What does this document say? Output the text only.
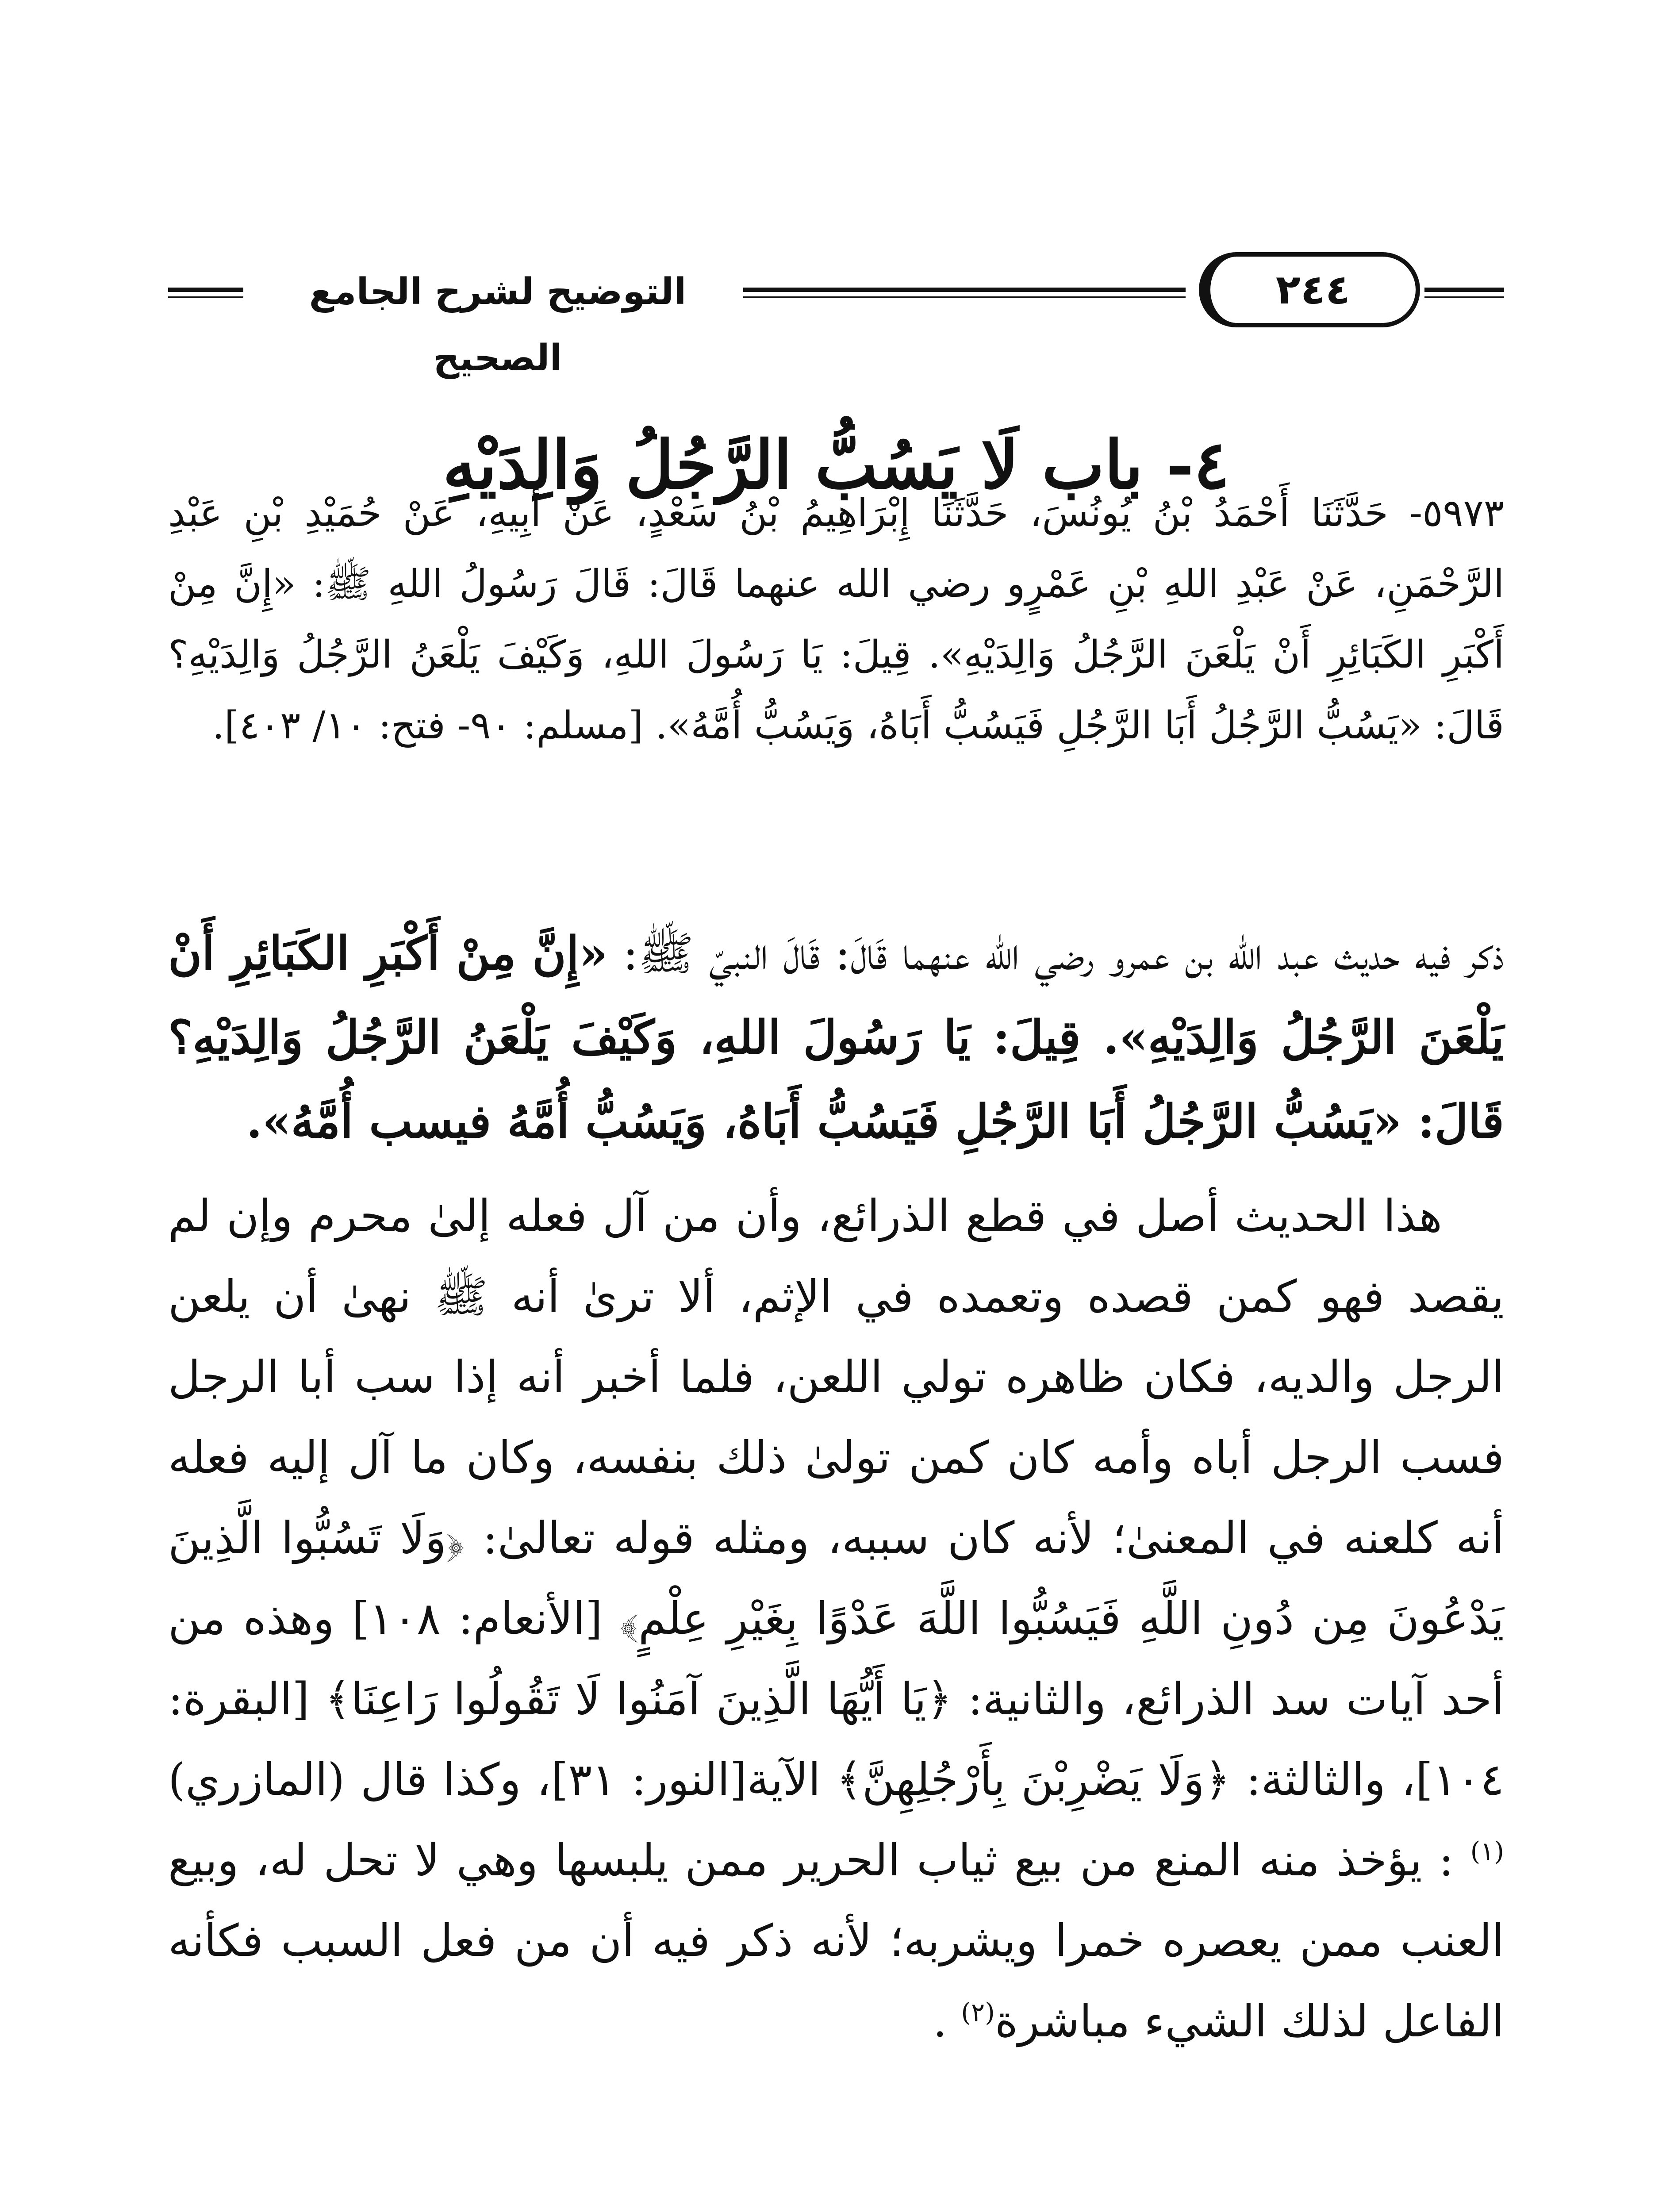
٢٤٤
التوضيح لشرح الجامع الصحيح
٤- باب لَا يَسُبُّ الرَّجُلُ وَالِدَيْهِ

٥٩٧٣- حَدَّثَنَا أَحْمَدُ بْنُ يُونُسَ، حَدَّثَنَا إِبْرَاهِيمُ بْنُ سَعْدٍ، عَنْ أَبِيهِ، عَنْ حُمَيْدِ بْنِ عَبْدِ الرَّحْمَنِ، عَنْ عَبْدِ اللهِ بْنِ عَمْرٍو رضي الله عنهما قَالَ: قَالَ رَسُولُ اللهِ ﷺ: «إِنَّ مِنْ أَكْبَرِ الكَبَائِرِ أَنْ يَلْعَنَ الرَّجُلُ وَالِدَيْهِ». قِيلَ: يَا رَسُولَ اللهِ، وَكَيْفَ يَلْعَنُ الرَّجُلُ وَالِدَيْهِ؟ قَالَ: «يَسُبُّ الرَّجُلُ أَبَا الرَّجُلِ فَيَسُبُّ أَبَاهُ، وَيَسُبُّ أُمَّهُ». [مسلم: ٩٠- فتح: ١٠/ ٤٠٣].

ذكر فيه حديث عبد الله بن عمرو رضي الله عنهما قَالَ: قَالَ النبيّ ﷺ: «إِنَّ مِنْ أَكْبَرِ الكَبَائِرِ أَنْ يَلْعَنَ الرَّجُلُ وَالِدَيْهِ». قِيلَ: يَا رَسُولَ اللهِ، وَكَيْفَ يَلْعَنُ الرَّجُلُ وَالِدَيْهِ؟ قَالَ: «يَسُبُّ الرَّجُلُ أَبَا الرَّجُلِ فَيَسُبُّ أَبَاهُ، وَيَسُبُّ أُمَّهُ فيسب أُمَّهُ».

هذا الحديث أصل في قطع الذرائع، وأن من آل فعله إلىٰ محرم وإن لم يقصد فهو كمن قصده وتعمده في الإثم، ألا ترىٰ أنه ﷺ نهىٰ أن يلعن الرجل والديه، فكان ظاهره تولي اللعن، فلما أخبر أنه إذا سب أبا الرجل فسب الرجل أباه وأمه كان كمن تولىٰ ذلك بنفسه، وكان ما آل إليه فعله أنه كلعنه في المعنىٰ؛ لأنه كان سببه، ومثله قوله تعالىٰ: ﴿وَلَا تَسُبُّوا الَّذِينَ يَدْعُونَ مِن دُونِ اللَّهِ فَيَسُبُّوا اللَّهَ عَدْوًا بِغَيْرِ عِلْمٍ﴾ [الأنعام: ١٠٨] وهذه من أحد آيات سد الذرائع، والثانية: ﴿يَا أَيُّهَا الَّذِينَ آمَنُوا لَا تَقُولُوا رَاعِنَا﴾ [البقرة: ١٠٤]، والثالثة: ﴿وَلَا يَضْرِبْنَ بِأَرْجُلِهِنَّ﴾ الآية[النور: ٣١]، وكذا قال (المازري)$^{(١)}$ : يؤخذ منه المنع من بيع ثياب الحرير ممن يلبسها وهي لا تحل له، وبيع العنب ممن يعصره خمرا ويشربه؛ لأنه ذكر فيه أن من فعل السبب فكأنه الفاعل لذلك الشيء مباشرة$^{(٢)}$ .
